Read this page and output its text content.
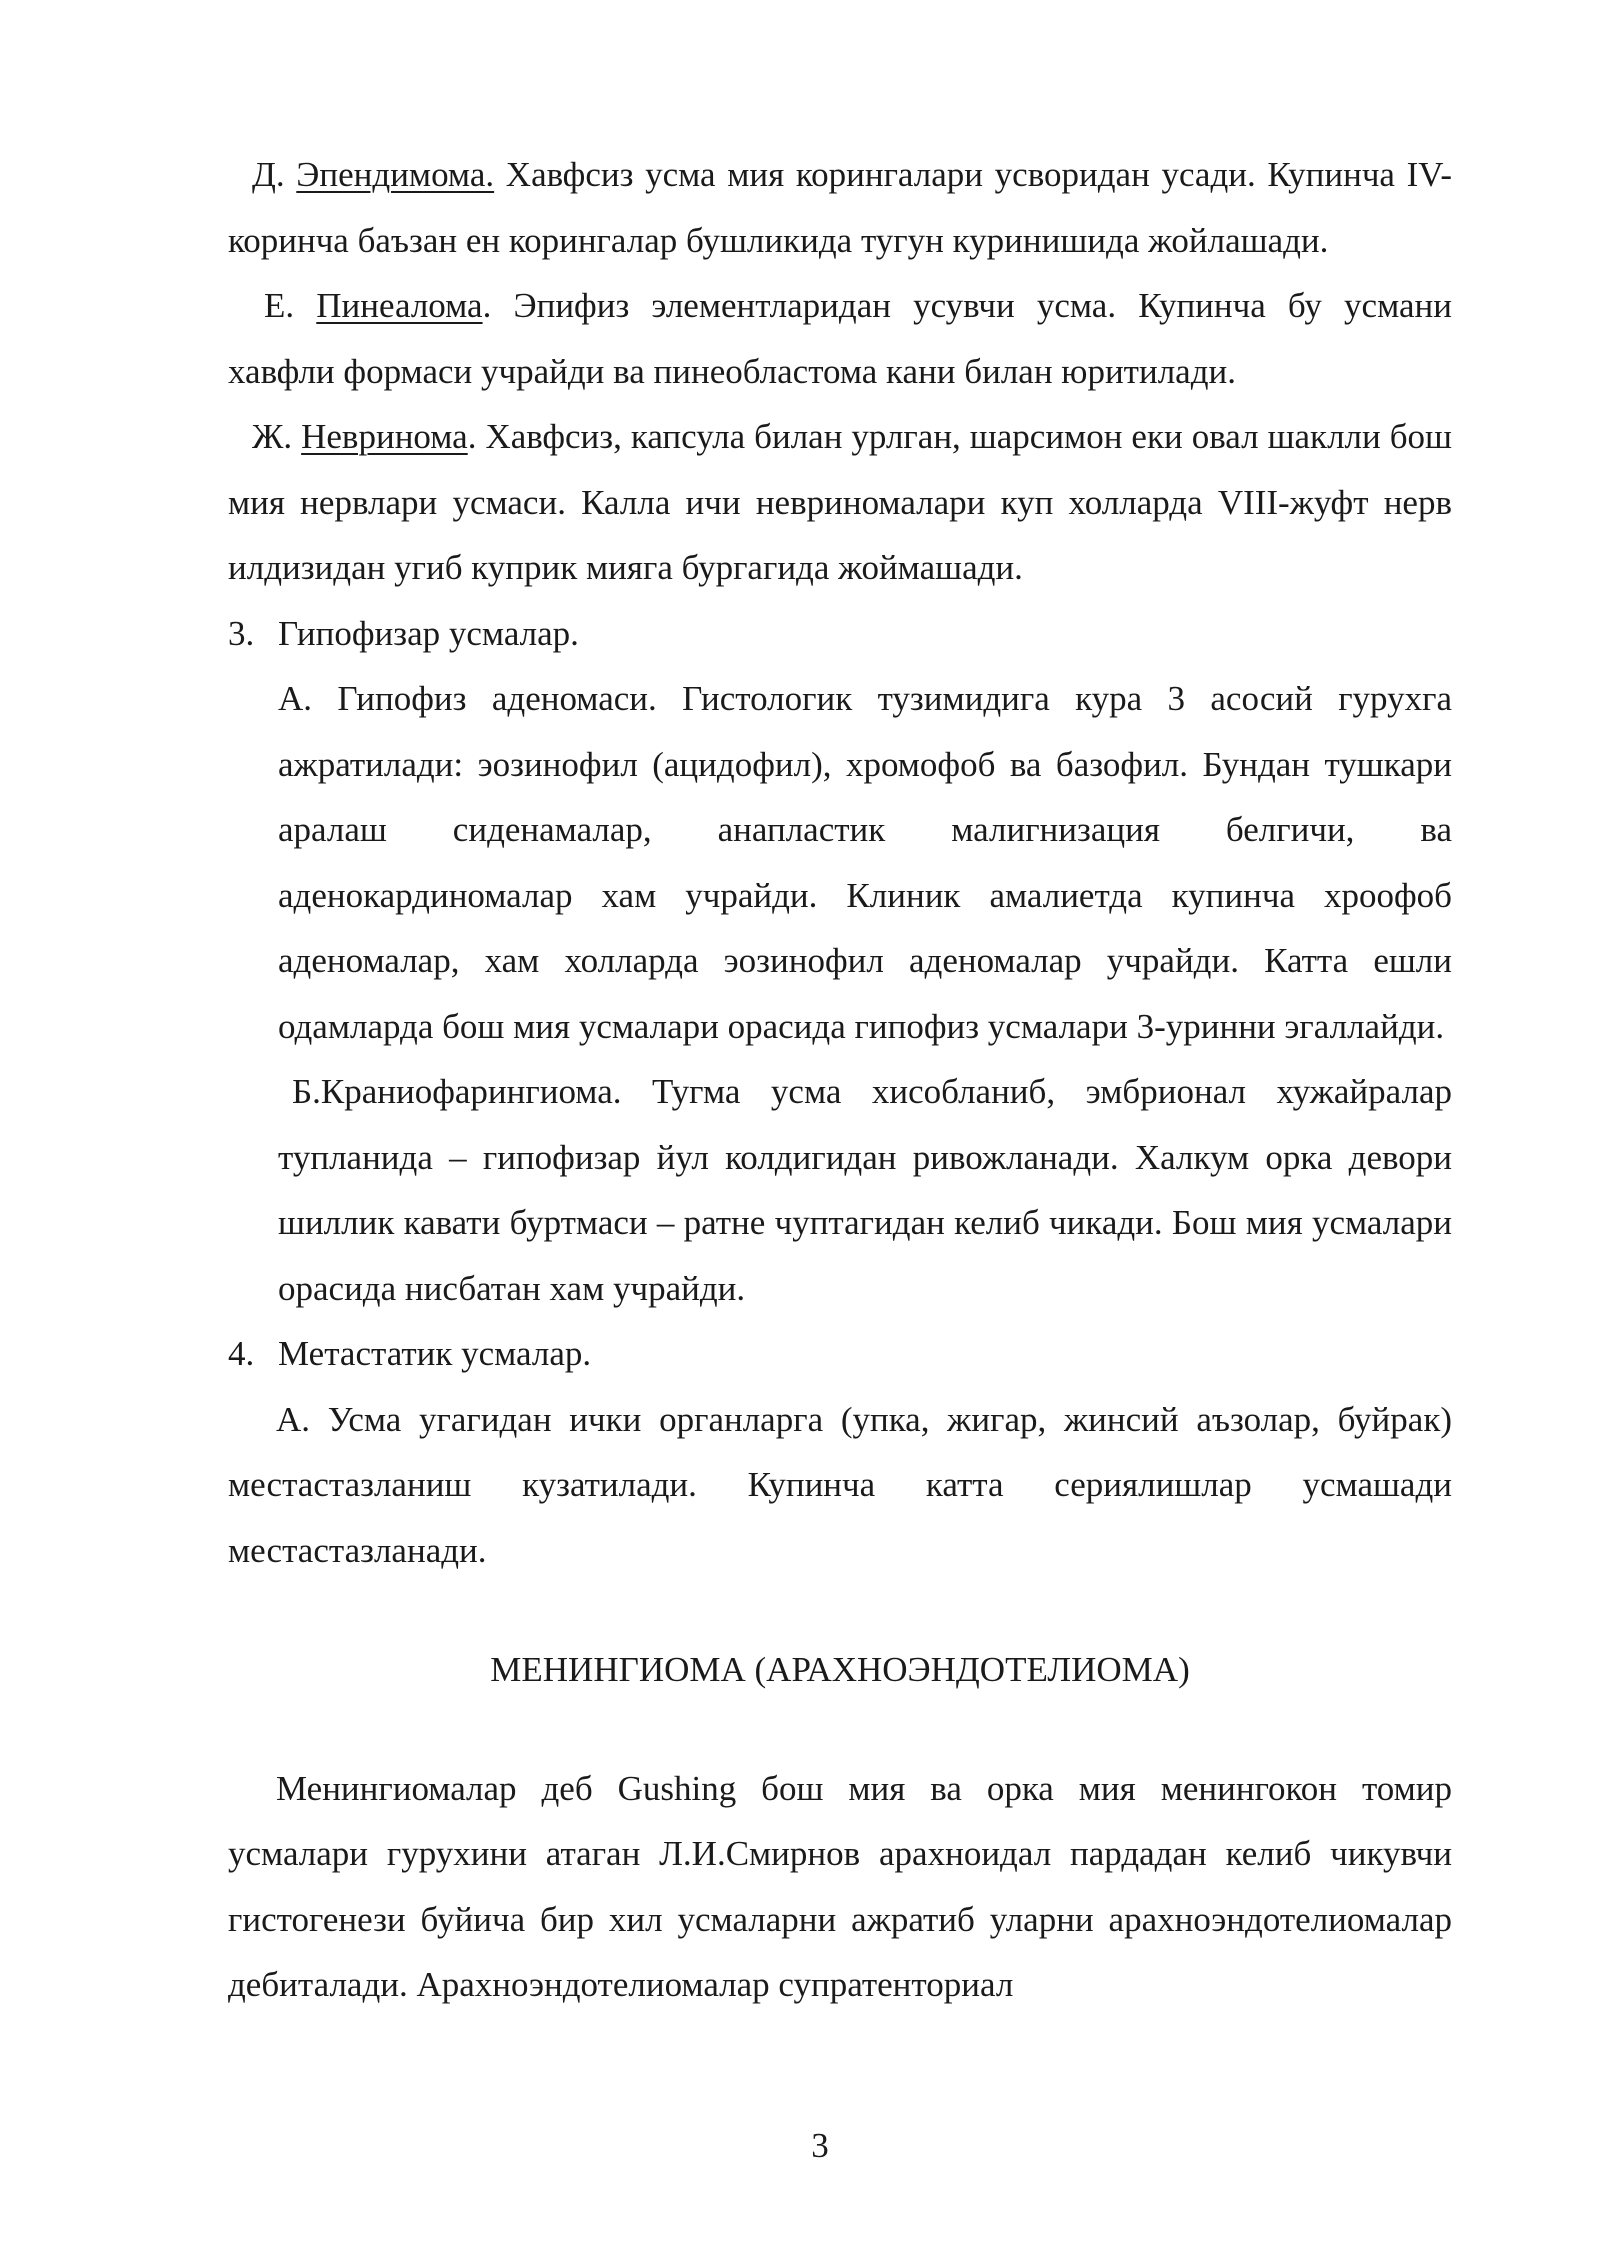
Д. Эпендимома. Хавфсиз усма мия корингалари усворидан усади. Купинча IV-коринча баъзан ен корингалар бушликида тугун куринишида жойлашади.

Е. Пинеалома. Эпифиз элементларидан усувчи усма. Купинча бу усмани хавфли формаси учрайди ва пинеобластома кани билан юритилади.

Ж. Невринома. Хавфсиз, капсула билан урлган, шарсимон еки овал шаклли бош мия нервлари усмаси. Калла ичи невриномалари куп холларда VIII-жуфт нерв илдизидан угиб куприк мияга бургагида жоймашади.

3. Гипофизар усмалар.

А. Гипофиз аденомаси. Гистологик тузимидига кура 3 асосий гурухга ажратилади: эозинофил (ацидофил), хромофоб ва базофил. Бундан тушкари аралаш сиденамалар, анапластик малигнизация белгичи, ва аденокардиномалар хам учрайди. Клиник амалиетда купинча хроофоб аденомалар, хам холларда эозинофил аденомалар учрайди. Катта ешли одамларда бош мия усмалари орасида гипофиз усмалари 3-уринни эгаллайди.

Б.Краниофарингиома. Тугма усма хисобланиб, эмбрионал хужайралар тупланида – гипофизар йул колдигидан ривожланади. Халкум орка девори шиллик кавати буртмаси – ратне чуптагидан келиб чикади. Бош мия усмалари орасида нисбатан хам учрайди.

4. Метастатик усмалар.

А. Усма угагидан ички органларга (упка, жигар, жинсий аъзолар, буйрак) местастазланиш кузатилади. Купинча катта сериялишлар усмашади местастазланади.

МЕНИНГИОМА (АРАХНОЭНДОТЕЛИОМА)

Менингиомалар деб Gushing бош мия ва орка мия менингокон томир усмалари гурухини атаган Л.И.Смирнов арахноидал пардадан келиб чикувчи гистогенези буйича бир хил усмаларни ажратиб уларни арахноэндотелиомалар дебиталади. Арахноэндотелиомалар супратенториал

3
